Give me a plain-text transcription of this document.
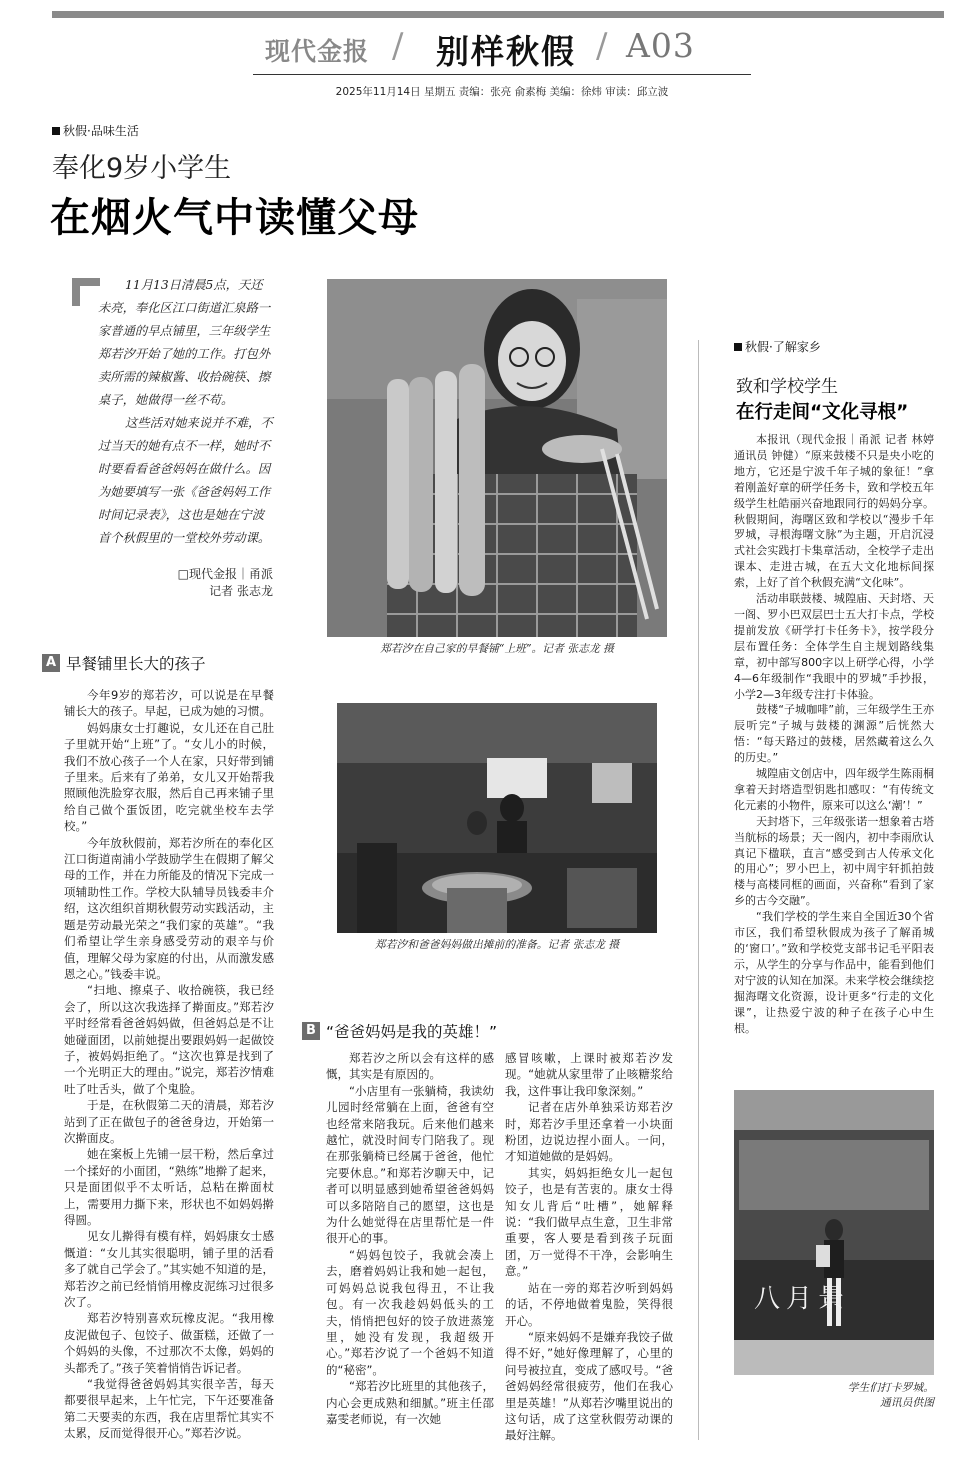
现代金报 / 别样秋假 / A03
2025年11月14日 星期五 责编：张亮 俞素梅 美编：徐炜 审读：邱立波
秋假·品味生活
奉化9岁小学生
在烟火气中读懂父母

11月13日清晨5点，天还未亮，奉化区江口街道汇泉路一家普通的早点铺里，三年级学生郑若汐开始了她的工作。打包外卖所需的辣椒酱、收拾碗筷、擦桌子，她做得一丝不苟。

这些活对她来说并不难，不过当天的她有点不一样，她时不时要看看爸爸妈妈在做什么。因为她要填写一张《爸爸妈妈工作时间记录表》，这也是她在宁波首个秋假里的一堂校外劳动课。

□现代金报｜甬派
记者 张志龙
郑若汐在自己家的早餐铺“上班”。记者 张志龙 摄
郑若汐和爸爸妈妈做出摊前的准备。记者 张志龙 摄
A 早餐铺里长大的孩子

今年9岁的郑若汐，可以说是在早餐铺长大的孩子。早起，已成为她的习惯。

妈妈康女士打趣说，女儿还在自己肚子里就开始“上班”了。“女儿小的时候，我们不放心孩子一个人在家，只好带到铺子里来。后来有了弟弟，女儿又开始帮我照顾他洗脸穿衣服，然后自己再来铺子里给自己做个蛋饭团，吃完就坐校车去学校。”

今年放秋假前，郑若汐所在的奉化区江口街道南浦小学鼓励学生在假期了解父母的工作，并在力所能及的情况下完成一项辅助性工作。学校大队辅导员钱委丰介绍，这次组织首期秋假劳动实践活动，主题是劳动最光荣之“我们家的英雄”。“我们希望让学生亲身感受劳动的艰辛与价值，理解父母为家庭的付出，从而激发感恩之心。”钱委丰说。

“扫地、擦桌子、收拾碗筷，我已经会了，所以这次我选择了擀面皮。”郑若汐平时经常看爸爸妈妈做，但爸妈总是不让她碰面团，以前她提出要跟妈妈一起做饺子，被妈妈拒绝了。“这次也算是找到了一个光明正大的理由。”说完，郑若汐情难吐了吐舌头，做了个鬼脸。

于是，在秋假第二天的清晨，郑若汐站到了正在做包子的爸爸身边，开始第一次擀面皮。

她在案板上先铺一层干粉，然后拿过一个揉好的小面团，“熟练”地擀了起来，只是面团似乎不太听话，总粘在擀面杖上，需要用力撕下来，形状也不如妈妈擀得圆。

见女儿擀得有模有样，妈妈康女士感慨道：“女儿其实很聪明，铺子里的活看多了就自己学会了。”其实她不知道的是，郑若汐之前已经悄悄用橡皮泥练习过很多次了。

郑若汐特别喜欢玩橡皮泥。“我用橡皮泥做包子、包饺子、做蛋糕，还做了一个妈妈的头像，不过那次不太像，妈妈的头都秃了。”孩子笑着悄悄告诉记者。

“我觉得爸爸妈妈其实很辛苦，每天都要很早起来，上午忙完，下午还要准备第二天要卖的东西，我在店里帮忙其实不太累，反而觉得很开心。”郑若汐说。

B “爸爸妈妈是我的英雄！”

郑若汐之所以会有这样的感慨，其实是有原因的。

“小店里有一张躺椅，我读幼儿园时经常躺在上面，爸爸有空也经常来陪我玩。后来他们越来越忙，就没时间专门陪我了。现在那张躺椅已经属于爸爸，他忙完要休息。”和郑若汐聊天中，记者可以明显感到她希望爸爸妈妈可以多陪陪自己的愿望，这也是为什么她觉得在店里帮忙是一件很开心的事。

“妈妈包饺子，我就会凑上去，磨着妈妈让我和她一起包，可妈妈总说我包得丑，不让我包。有一次我趁妈妈低头的工夫，悄悄把包好的饺子放进蒸笼里，她没有发现，我超级开心。”郑若汐说了一个爸妈不知道的“秘密”。

“郑若汐比班里的其他孩子，内心会更成熟和细腻。”班主任邵嘉雯老师说，有一次她

感冒咳嗽，上课时被郑若汐发现。“她就从家里带了止咳糖浆给我，这件事让我印象深刻。”

记者在店外单独采访郑若汐时，郑若汐手里还拿着一小块面粉团，边说边捏小面人。一问，才知道她做的是妈妈。

其实，妈妈拒绝女儿一起包饺子，也是有苦衷的。康女士得知女儿背后“吐槽”，她解释说：“我们做早点生意，卫生非常重要，客人要是看到孩子玩面团，万一觉得不干净，会影响生意。”

站在一旁的郑若汐听到妈妈的话，不停地做着鬼脸，笑得很开心。

“原来妈妈不是嫌弃我饺子做得不好，”她好像理解了，心里的问号被拉直，变成了感叹号。“爸爸妈妈经常很疲劳，他们在我心里是英雄！”从郑若汐嘴里说出的这句话，成了这堂秋假劳动课的最好注解。

秋假·了解家乡
致和学校学生
在行走间“文化寻根”

本报讯（现代金报｜甬派 记者 林婷 通讯员 钟健）“原来鼓楼不只是央小吃的地方，它还是宁波千年子城的象征！”拿着刚盖好章的研学任务卡，致和学校五年级学生杜皓丽兴奋地跟同行的妈妈分享。秋假期间，海曙区致和学校以“漫步千年罗城，寻根海曙文脉”为主题，开启沉浸式社会实践打卡集章活动，全校学子走出课本、走进古城，在五大文化地标间探索，上好了首个秋假充满“文化味”。

活动串联鼓楼、城隍庙、天封塔、天一阁、罗小巴双层巴士五大打卡点，学校提前发放《研学打卡任务卡》，按学段分层布置任务：全体学生自主规划路线集章，初中部写800字以上研学心得，小学4—6年级制作“我眼中的罗城”手抄报，小学2—3年级专注打卡体验。

鼓楼“子城咖啡”前，三年级学生王亦辰听完“子城与鼓楼的渊源”后恍然大悟：“每天路过的鼓楼，居然藏着这么久的历史。”

城隍庙文创店中，四年级学生陈雨桐拿着天封塔造型钥匙扣感叹：“有传统文化元素的小物件，原来可以这么‘潮’！”

天封塔下，三年级张诺一想象着古塔当航标的场景；天一阁内，初中李雨欣认真记下楹联，直言“感受到古人传承文化的用心”；罗小巴上，初中周宇轩抓拍鼓楼与高楼同框的画面，兴奋称“看到了家乡的古今交融”。

“我们学校的学生来自全国近30个省市区，我们希望秋假成为孩子了解甬城的‘窗口’。”致和学校党支部书记毛平阳表示，从学生的分享与作品中，能看到他们对宁波的认知在加深。未来学校会继续挖掘海曙文化资源，设计更多“行走的文化课”，让热爱宁波的种子在孩子心中生根。

八月景
学生们打卡罗城。
通讯员供图
